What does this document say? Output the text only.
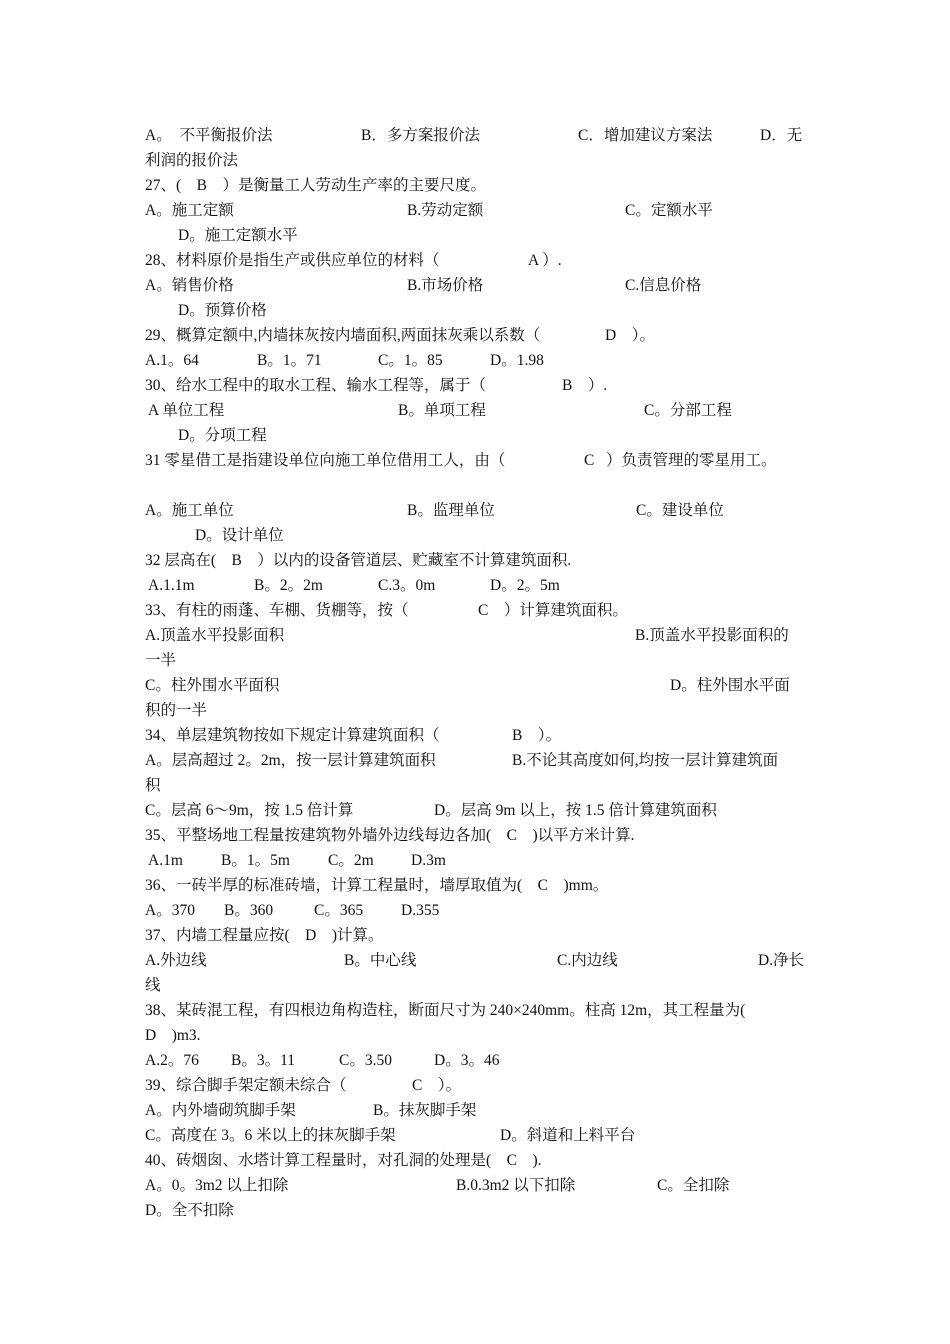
A。　不平衡报价法	B．多方案报价法	C．增加建议方案法	D．无
利润的报价法
27、(　B　）是衡量工人劳动生产率的主要尺度。
A。施工定额	B.劳动定额	C。定额水平
D。施工定额水平
28、材料原价是指生产或供应单位的材料（	A ）.
A。销售价格	B.市场价格	C.信息价格
D。预算价格
29、概算定额中,内墙抹灰按内墙面积,两面抹灰乘以系数（	D　）。
A.1。64	B。1。71	C。1。85	D。1.98
30、给水工程中的取水工程、输水工程等，属于（	B　）.
A 单位工程	B。单项工程	C。分部工程
D。分项工程
31 零星借工是指建设单位向施工单位借用工人，由（	C ）负责管理的零星用工。
A。施工单位	B。监理单位	C。建设单位
D。设计单位
32 层高在(　B　）以内的设备管道层、贮藏室不计算建筑面积.
A.1.1m	B。2。2m	C.3。0m	D。2。5m
33、有柱的雨蓬、车棚、货棚等，按（	C　）计算建筑面积。
A.顶盖水平投影面积	B.顶盖水平投影面积的
一半
C。柱外围水平面积	D。柱外围水平面
积的一半
34、单层建筑物按如下规定计算建筑面积（	B　）。
A。层高超过 2。2m，按一层计算建筑面积	B.不论其高度如何,均按一层计算建筑面
积
C。层高 6～9m，按 1.5 倍计算	D。层高 9m 以上，按 1.5 倍计算建筑面积
35、平整场地工程量按建筑物外墙外边线每边各加(　C　)以平方米计算.
A.1m B。1。5m C。2m D.3m
36、一砖半厚的标准砖墙，计算工程量时，墙厚取值为(　C　)mm。
A。370 B。360	C。365 D.355
37、内墙工程量应按(　D　)计算。
A.外边线	B。中心线	C.内边线	D.净长
线
38、某砖混工程，有四根边角构造柱，断面尺寸为 240×240mm。柱高 12m，其工程量为(
D　)m3.
A.2。76 B。3。11	C。3.50	D。3。46
39、综合脚手架定额未综合（	C　）。
A。内外墙砌筑脚手架	B。抹灰脚手架
C。高度在 3。6 米以上的抹灰脚手架	D。斜道和上料平台
40、砖烟囱、水塔计算工程量时，对孔洞的处理是(　C　).
A。0。3m2 以上扣除	B.0.3m2 以下扣除	C。全扣除
D。全不扣除
